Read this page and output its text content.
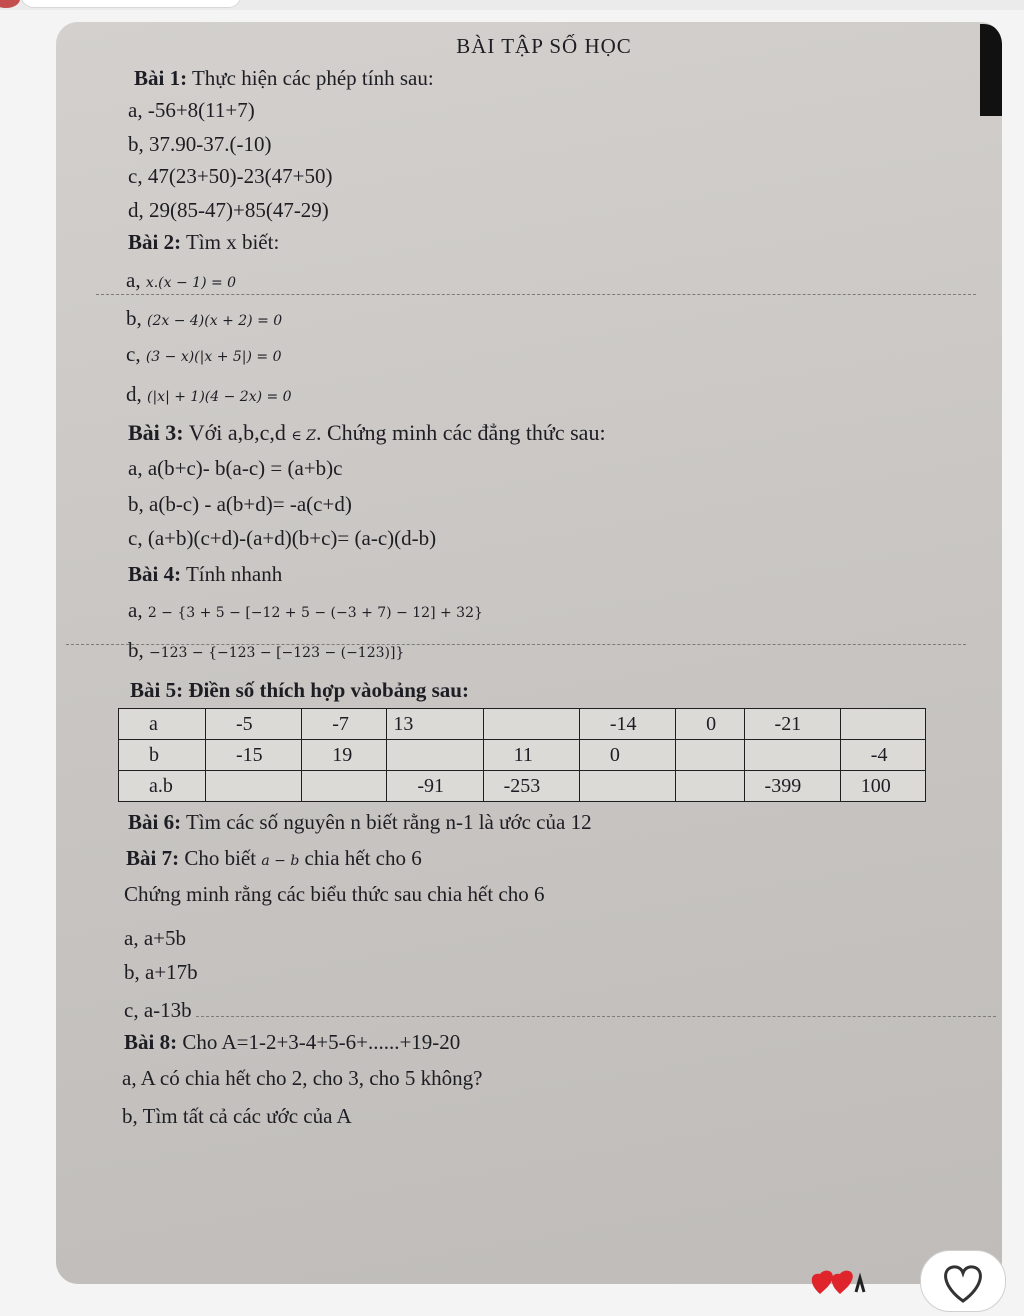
BÀI TẬP SỐ HỌC
Bài 1: Thực hiện các phép tính sau:
a, -56+8(11+7)
b, 37.90-37.(-10)
c, 47(23+50)-23(47+50)
d, 29(85-47)+85(47-29)
Bài 2: Tìm x biết:
a, x.(x − 1) = 0
b, (2x − 4)(x + 2) = 0
c, (3 − x)(|x + 5|) = 0
d, (|x| + 1)(4 − 2x) = 0
Bài 3: Với a,b,c,d ∈ Z. Chứng minh các đẳng thức sau:
a, a(b+c)- b(a-c) = (a+b)c
b, a(b-c) - a(b+d)= -a(c+d)
c, (a+b)(c+d)-(a+d)(b+c)= (a-c)(d-b)
Bài 4: Tính nhanh
a, 2 − {3 + 5 − [−12 + 5 − (−3 + 7) − 12] + 32}
b, −123 − {−123 − [−123 − (−123)]}
Bài 5: Điền số thích hợp vàobảng sau:
a	-5	-7	13		-14	0	-21	
b	-15	19		11	0			-4
a.b			-91	-253			-399	100
Bài 6: Tìm các số nguyên n biết rằng n-1 là ước của 12
Bài 7: Cho biết a − b chia hết cho 6
Chứng minh rằng các biểu thức sau chia hết cho 6
a, a+5b
b, a+17b
c, a-13b
Bài 8: Cho A=1-2+3-4+5-6+......+19-20
a, A có chia hết cho 2, cho 3, cho 5 không?
b, Tìm tất cả các ước của A
